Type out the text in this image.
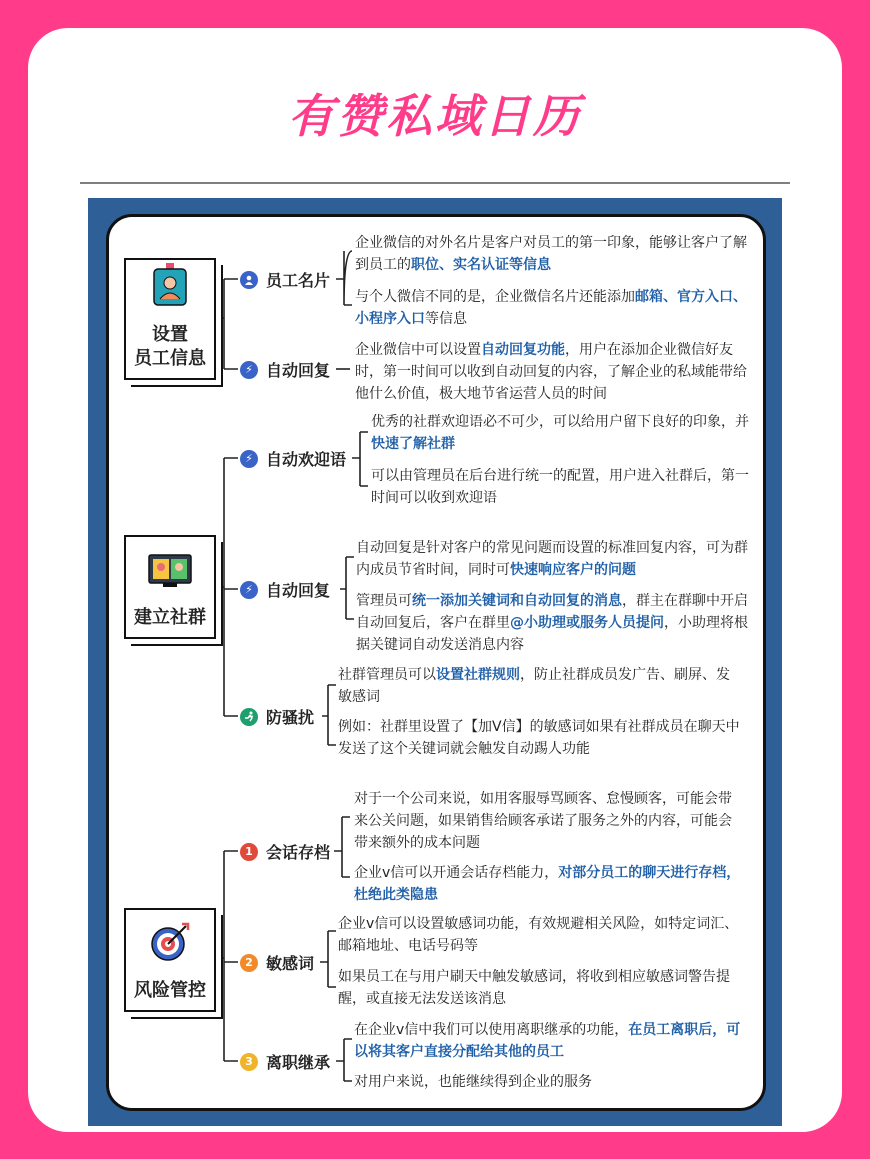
有赞私域日历
设置
员工信息
建立社群
风险管控
员工名片
⚡ 自动回复
⚡ 自动欢迎语
⚡ 自动回复
防骚扰
1 会话存档
2 敏感词
3 离职继承
企业微信的对外名片是客户对员工的第一印象，能够让客户了解到员工的职位、实名认证等信息
与个人微信不同的是，企业微信名片还能添加邮箱、官方入口、小程序入口等信息
企业微信中可以设置自动回复功能，用户在添加企业微信好友时，第一时间可以收到自动回复的内容，了解企业的私域能带给他什么价值，极大地节省运营人员的时间
优秀的社群欢迎语必不可少，可以给用户留下良好的印象，并快速了解社群
可以由管理员在后台进行统一的配置，用户进入社群后，第一时间可以收到欢迎语
自动回复是针对客户的常见问题而设置的标准回复内容，可为群内成员节省时间，同时可快速响应客户的问题
管理员可统一添加关键词和自动回复的消息，群主在群聊中开启自动回复后，客户在群里@小助理或服务人员提问，小助理将根据关键词自动发送消息内容
社群管理员可以设置社群规则，防止社群成员发广告、刷屏、发敏感词
例如：社群里设置了【加V信】的敏感词如果有社群成员在聊天中发送了这个关键词就会触发自动踢人功能
对于一个公司来说，如用客服辱骂顾客、怠慢顾客，可能会带来公关问题，如果销售给顾客承诺了服务之外的内容，可能会带来额外的成本问题
企业v信可以开通会话存档能力，对部分员工的聊天进行存档，杜绝此类隐患
企业v信可以设置敏感词功能，有效规避相关风险，如特定词汇、邮箱地址、电话号码等
如果员工在与用户刷天中触发敏感词，将收到相应敏感词警告提醒，或直接无法发送该消息
在企业v信中我们可以使用离职继承的功能，在员工离职后，可以将其客户直接分配给其他的员工
对用户来说，也能继续得到企业的服务
